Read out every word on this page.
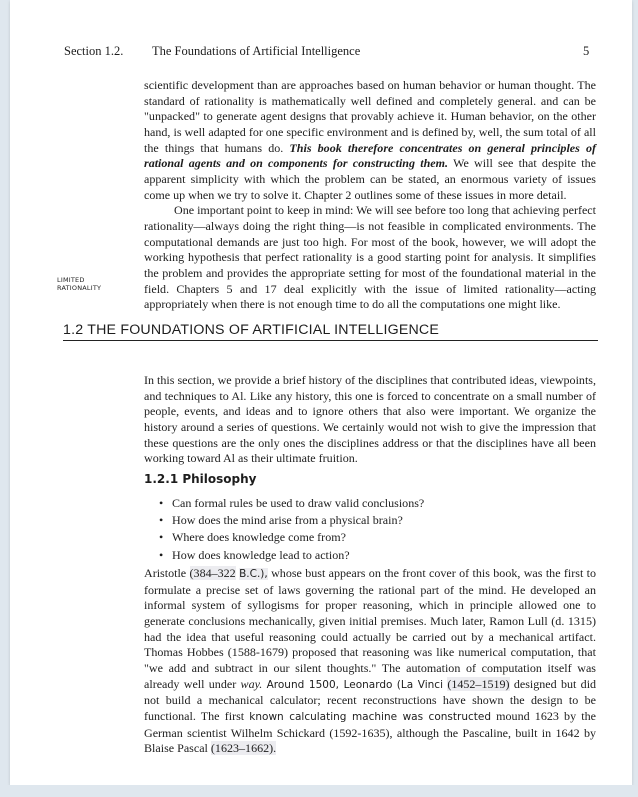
Section 1.2. The Foundations of Artificial Intelligence	5

scientific development than are approaches based on human behavior or human thought. The standard of rationality is mathematically well defined and completely general. and can be "unpacked" to generate agent designs that provably achieve it. Human behavior, on the other hand, is well adapted for one specific environment and is defined by, well, the sum total of all the things that humans do. This book therefore concentrates on general principles of rational agents and on components for constructing them. We will see that despite the apparent simplicity with which the problem can be stated, an enormous variety of issues come up when we try to solve it. Chapter 2 outlines some of these issues in more detail.

One important point to keep in mind: We will see before too long that achieving perfect rationality—always doing the right thing—is not feasible in complicated environments. The computational demands are just too high. For most of the book, however, we will adopt the working hypothesis that perfect rationality is a good starting point for analysis. It simplifies the problem and provides the appropriate setting for most of the foundational material in the field. Chapters 5 and 17 deal explicitly with the issue of limited rationality—acting appropriately when there is not enough time to do all the computations one might like.

LIMITED
RATIONALITY
1.2 THE FOUNDATIONS OF ARTIFICIAL INTELLIGENCE
In this section, we provide a brief history of the disciplines that contributed ideas, viewpoints, and techniques to Al. Like any history, this one is forced to concentrate on a small number of people, events, and ideas and to ignore others that also were important. We organize the history around a series of questions. We certainly would not wish to give the impression that these questions are the only ones the disciplines address or that the disciplines have all been working toward Al as their ultimate fruition.
1.2.1 Philosophy
• Can formal rules be used to draw valid conclusions?
• How does the mind arise from a physical brain?
• Where does knowledge come from?
• How does knowledge lead to action?
Aristotle (384–322 B.C.), whose bust appears on the front cover of this book, was the first to formulate a precise set of laws governing the rational part of the mind. He developed an informal system of syllogisms for proper reasoning, which in principle allowed one to generate conclusions mechanically, given initial premises. Much later, Ramon Lull (d. 1315) had the idea that useful reasoning could actually be carried out by a mechanical artifact. Thomas Hobbes (1588-1679) proposed that reasoning was like numerical computation, that "we add and subtract in our silent thoughts." The automation of computation itself was already well under way. Around 1500, Leonardo (La Vinci (1452–1519) designed but did not build a mechanical calculator; recent reconstructions have shown the design to be functional. The first known calculating machine was constructed mound 1623 by the German scientist Wilhelm Schickard (1592-1635), although the Pascaline, built in 1642 by Blaise Pascal (1623–1662).
